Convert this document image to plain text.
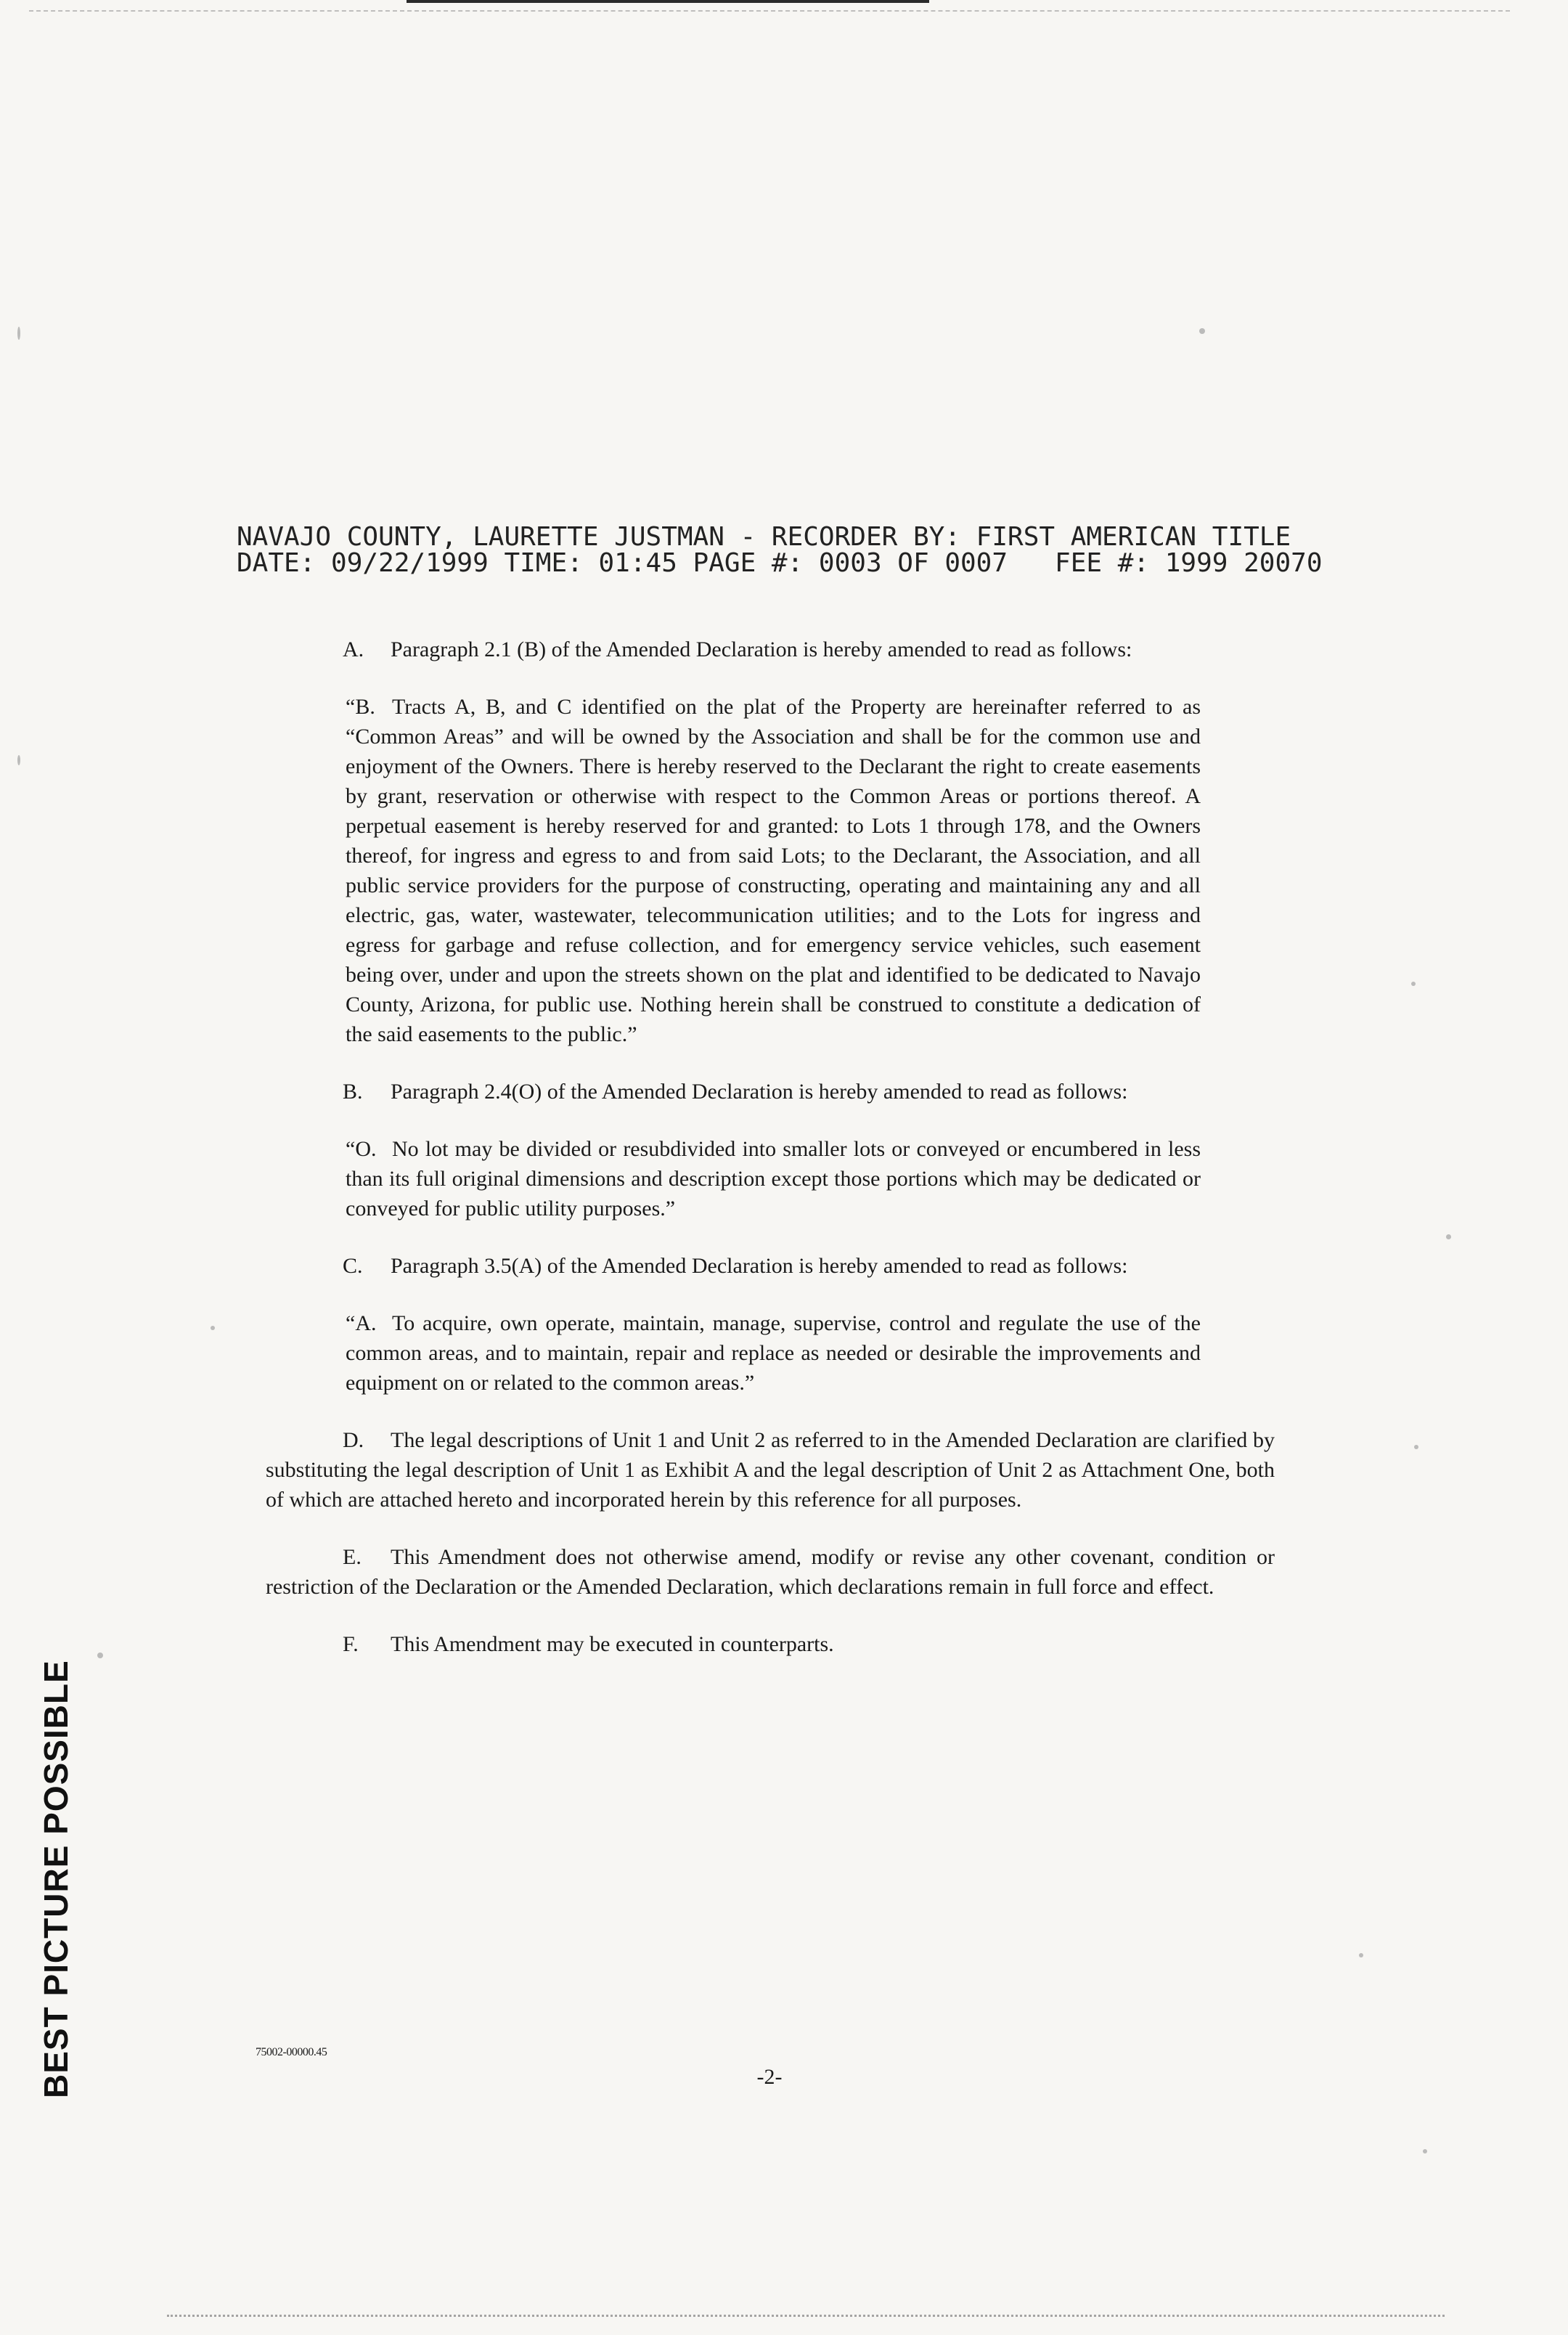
NAVAJO COUNTY, LAURETTE JUSTMAN - RECORDER BY: FIRST AMERICAN TITLE
DATE: 09/22/1999 TIME: 01:45 PAGE #: 0003 OF 0007   FEE #: 1999 20070
A. Paragraph 2.1 (B) of the Amended Declaration is hereby amended to read as follows:
“B. Tracts A, B, and C identified on the plat of the Property are hereinafter referred to as “Common Areas” and will be owned by the Association and shall be for the common use and enjoyment of the Owners. There is hereby reserved to the Declarant the right to create easements by grant, reservation or otherwise with respect to the Common Areas or portions thereof. A perpetual easement is hereby reserved for and granted: to Lots 1 through 178, and the Owners thereof, for ingress and egress to and from said Lots; to the Declarant, the Association, and all public service providers for the purpose of constructing, operating and maintaining any and all electric, gas, water, wastewater, telecommunication utilities; and to the Lots for ingress and egress for garbage and refuse collection, and for emergency service vehicles, such easement being over, under and upon the streets shown on the plat and identified to be dedicated to Navajo County, Arizona, for public use. Nothing herein shall be construed to constitute a dedication of the said easements to the public.”
B. Paragraph 2.4(O) of the Amended Declaration is hereby amended to read as follows:
“O. No lot may be divided or resubdivided into smaller lots or conveyed or encumbered in less than its full original dimensions and description except those portions which may be dedicated or conveyed for public utility purposes.”
C. Paragraph 3.5(A) of the Amended Declaration is hereby amended to read as follows:
“A. To acquire, own operate, maintain, manage, supervise, control and regulate the use of the common areas, and to maintain, repair and replace as needed or desirable the improvements and equipment on or related to the common areas.”
D. The legal descriptions of Unit 1 and Unit 2 as referred to in the Amended Declaration are clarified by substituting the legal description of Unit 1 as Exhibit A and the legal description of Unit 2 as Attachment One, both of which are attached hereto and incorporated herein by this reference for all purposes.
E. This Amendment does not otherwise amend, modify or revise any other covenant, condition or restriction of the Declaration or the Amended Declaration, which declarations remain in full force and effect.
F. This Amendment may be executed in counterparts.
75002-00000.45
-2-
BEST PICTURE POSSIBLE
